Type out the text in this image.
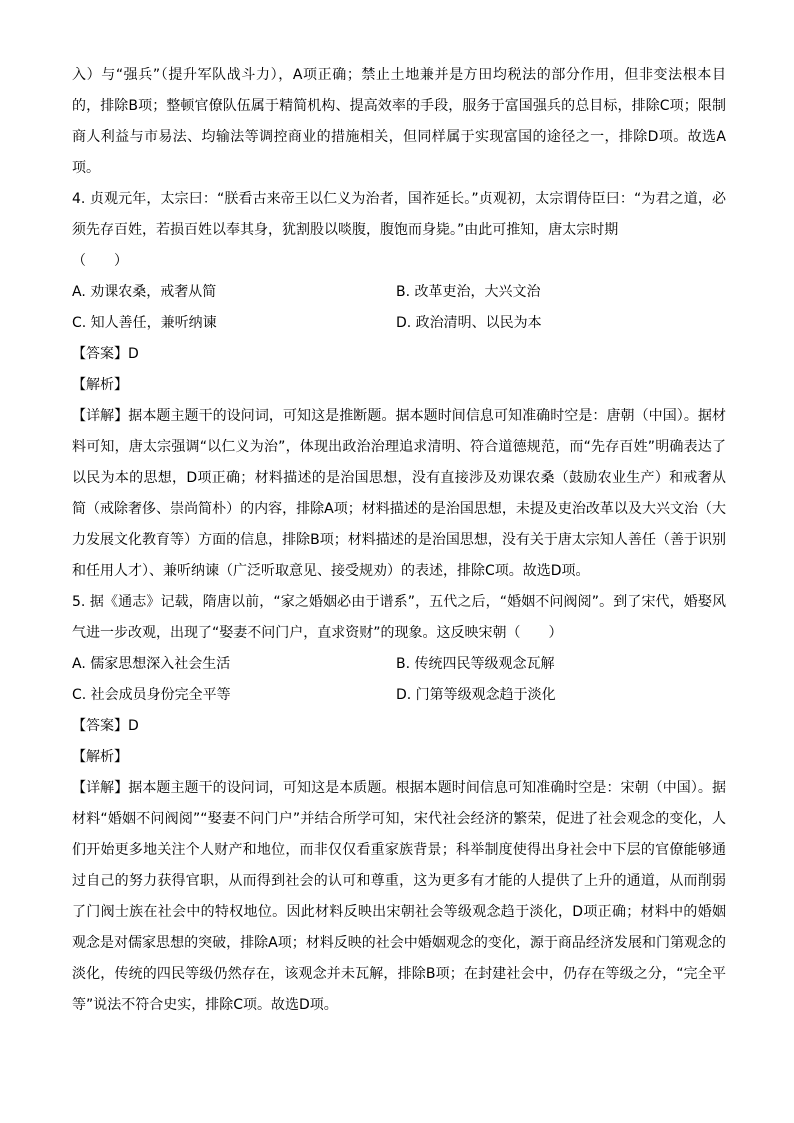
入）与“强兵”（提升军队战斗力），A项正确；禁止土地兼并是方田均税法的部分作用，但非变法根本目的，排除B项；整顿官僚队伍属于精简机构、提高效率的手段，服务于富国强兵的总目标，排除C项；限制商人利益与市易法、均输法等调控商业的措施相关，但同样属于实现富国的途径之一，排除D项。故选A项。

4. 贞观元年，太宗曰：“朕看古来帝王以仁义为治者，国祚延长。”贞观初，太宗谓侍臣曰：“为君之道，必须先存百姓，若损百姓以奉其身，犹割股以啖腹，腹饱而身毙。”由此可推知，唐太宗时期

（　　）

A. 劝课农桑，戒奢从简	B. 改革吏治，大兴文治
C. 知人善任，兼听纳谏	D. 政治清明、以民为本

【答案】D

【解析】

【详解】据本题主题干的设问词，可知这是推断题。据本题时间信息可知准确时空是：唐朝（中国）。据材料可知，唐太宗强调“以仁义为治”，体现出政治治理追求清明、符合道德规范，而“先存百姓”明确表达了以民为本的思想，D项正确；材料描述的是治国思想，没有直接涉及劝课农桑（鼓励农业生产）和戒奢从简（戒除奢侈、崇尚简朴）的内容，排除A项；材料描述的是治国思想，未提及吏治改革以及大兴文治（大力发展文化教育等）方面的信息，排除B项；材料描述的是治国思想，没有关于唐太宗知人善任（善于识别和任用人才）、兼听纳谏（广泛听取意见、接受规劝）的表述，排除C项。故选D项。

5. 据《通志》记载，隋唐以前，“家之婚姻必由于谱系”，五代之后，“婚姻不问阀阅”。到了宋代，婚娶风气进一步改观，出现了“娶妻不问门户，直求资财”的现象。这反映宋朝（　　）

A. 儒家思想深入社会生活	B. 传统四民等级观念瓦解
C. 社会成员身份完全平等	D. 门第等级观念趋于淡化

【答案】D

【解析】

【详解】据本题主题干的设问词，可知这是本质题。根据本题时间信息可知准确时空是：宋朝（中国）。据材料“婚姻不问阀阅”“娶妻不问门户”并结合所学可知，宋代社会经济的繁荣，促进了社会观念的变化，人们开始更多地关注个人财产和地位，而非仅仅看重家族背景；科举制度使得出身社会中下层的官僚能够通过自己的努力获得官职，从而得到社会的认可和尊重，这为更多有才能的人提供了上升的通道，从而削弱了门阀士族在社会中的特权地位。因此材料反映出宋朝社会等级观念趋于淡化，D项正确；材料中的婚姻观念是对儒家思想的突破，排除A项；材料反映的社会中婚姻观念的变化，源于商品经济发展和门第观念的淡化，传统的四民等级仍然存在，该观念并未瓦解，排除B项；在封建社会中，仍存在等级之分，“完全平等”说法不符合史实，排除C项。故选D项。
